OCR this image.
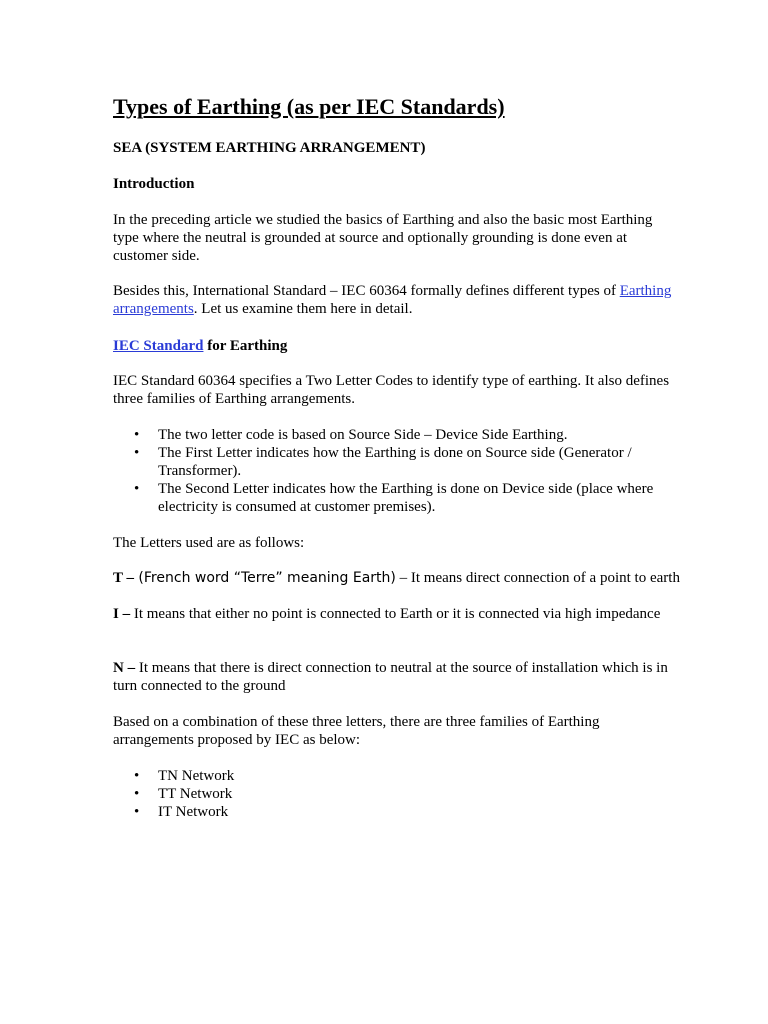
Types of Earthing (as per IEC Standards)

SEA (SYSTEM EARTHING ARRANGEMENT)

Introduction

In the preceding article we studied the basics of Earthing and also the basic most Earthing type where the neutral is grounded at source and optionally grounding is done even at customer side.

Besides this, International Standard – IEC 60364 formally defines different types of Earthing arrangements. Let us examine them here in detail.

IEC Standard for Earthing

IEC Standard 60364 specifies a Two Letter Codes to identify type of earthing. It also defines three families of Earthing arrangements.

• The two letter code is based on Source Side – Device Side Earthing.
• The First Letter indicates how the Earthing is done on Source side (Generator / Transformer).
• The Second Letter indicates how the Earthing is done on Device side (place where electricity is consumed at customer premises).

The Letters used are as follows:

T – (French word “Terre” meaning Earth) – It means direct connection of a point to earth

I – It means that either no point is connected to Earth or it is connected via high impedance

N – It means that there is direct connection to neutral at the source of installation which is in turn connected to the ground

Based on a combination of these three letters, there are three families of Earthing arrangements proposed by IEC as below:

• TN Network
• TT Network
• IT Network
